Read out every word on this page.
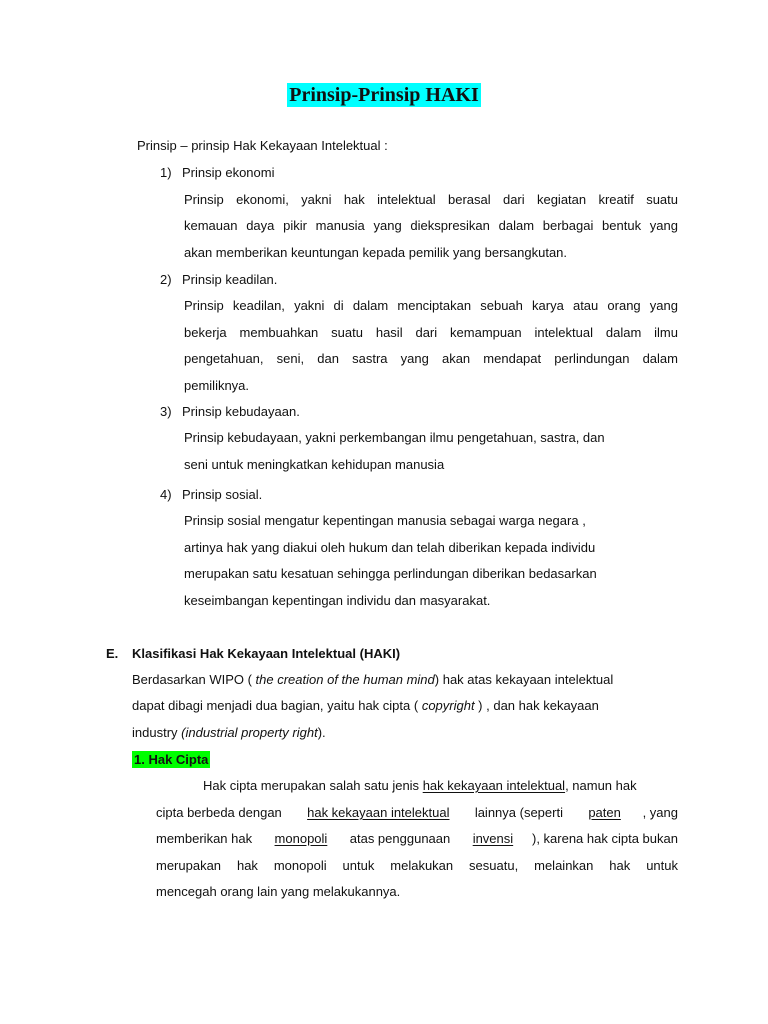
Prinsip-Prinsip HAKI
Prinsip – prinsip Hak Kekayaan Intelektual :
1) Prinsip ekonomi
Prinsip ekonomi, yakni hak intelektual berasal dari kegiatan kreatif suatu
kemauan daya pikir manusia yang diekspresikan dalam berbagai bentuk yang
akan memberikan keuntungan kepada pemilik yang bersangkutan.
2) Prinsip keadilan.
Prinsip keadilan, yakni di dalam menciptakan sebuah karya atau orang yang
bekerja membuahkan suatu hasil dari kemampuan intelektual dalam ilmu
pengetahuan, seni, dan sastra yang akan mendapat perlindungan dalam
pemiliknya.
3) Prinsip kebudayaan.
Prinsip kebudayaan, yakni perkembangan ilmu pengetahuan, sastra, dan
seni untuk meningkatkan kehidupan manusia
4) Prinsip sosial.
Prinsip sosial mengatur kepentingan manusia sebagai warga negara ,
artinya hak yang diakui oleh hukum dan telah diberikan kepada individu
merupakan satu kesatuan sehingga perlindungan diberikan bedasarkan
keseimbangan kepentingan individu dan masyarakat.
E. Klasifikasi Hak Kekayaan Intelektual (HAKI)
Berdasarkan WIPO ( the creation of the human mind) hak atas kekayaan intelektual
dapat dibagi menjadi dua bagian, yaitu hak cipta ( copyright ) , dan hak kekayaan
industry (industrial property right).
1. Hak Cipta
Hak cipta merupakan salah satu jenis hak kekayaan intelektual, namun hak
cipta berbeda dengan hak kekayaan intelektual lainnya (seperti paten , yang
memberikan hak monopoli atas penggunaan invensi ), karena hak cipta bukan
merupakan hak monopoli untuk melakukan sesuatu, melainkan hak untuk
mencegah orang lain yang melakukannya.
